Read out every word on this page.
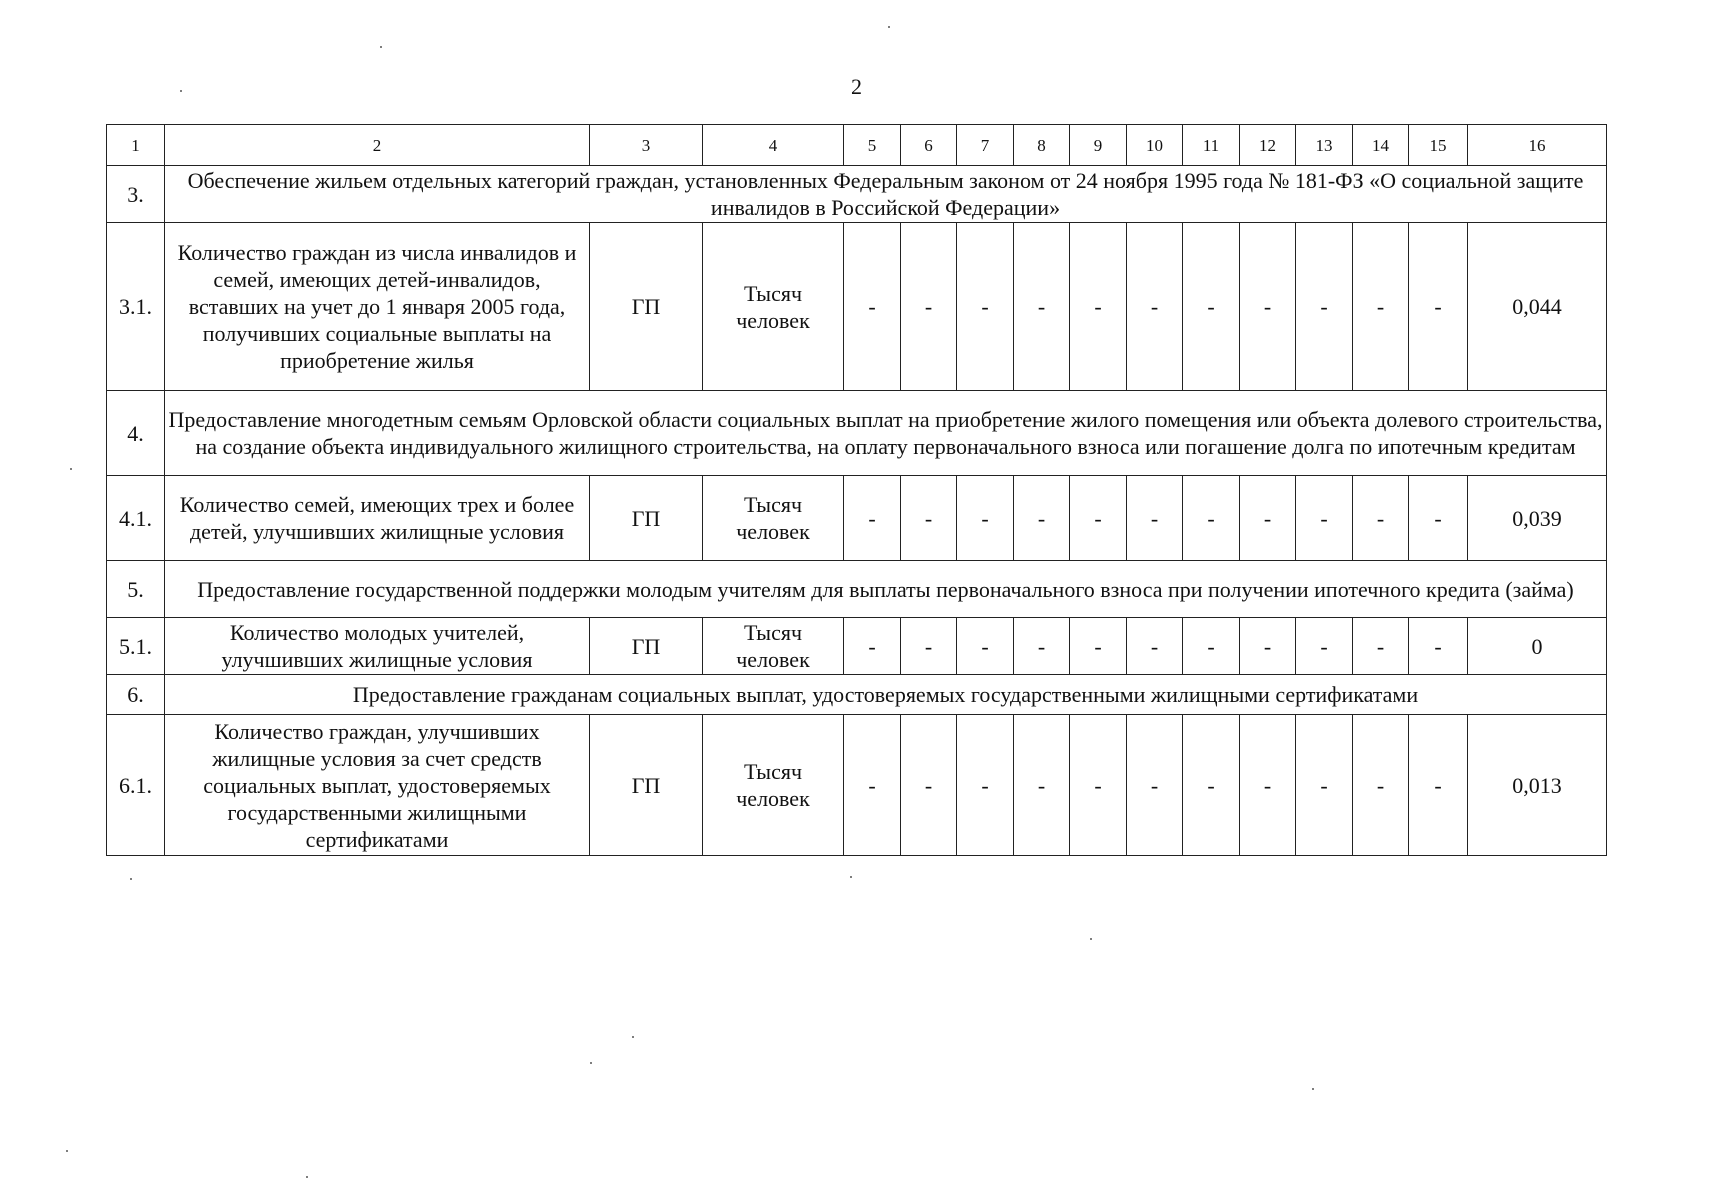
2
1	2	3	4	5	6	7	8	9	10	11	12	13	14	15	16
3.	Обеспечение жильем отдельных категорий граждан, установленных Федеральным законом от 24 ноября 1995 года № 181-ФЗ «О социальной защите инвалидов в Российской Федерации»														
3.1.	Количество граждан из числа инвалидов и семей, имеющих детей-инвалидов, вставших на учет до 1 января 2005 года, получивших социальные выплаты на приобретение жилья	ГП	Тысяч человек	-	-	-	-	-	-	-	-	-	-	-	0,044
4.	Предоставление многодетным семьям Орловской области социальных выплат на приобретение жилого помещения или объекта долевого строительства, на создание объекта индивидуального жилищного строительства, на оплату первоначального взноса или погашение долга по ипотечным кредитам														
4.1.	Количество семей, имеющих трех и более детей, улучшивших жилищные условия	ГП	Тысяч человек	-	-	-	-	-	-	-	-	-	-	-	0,039
5.	Предоставление государственной поддержки молодым учителям для выплаты первоначального взноса при получении ипотечного кредита (займа)														
5.1.	Количество молодых учителей, улучшивших жилищные условия	ГП	Тысяч человек	-	-	-	-	-	-	-	-	-	-	-	0
6.	Предоставление гражданам социальных выплат, удостоверяемых государственными жилищными сертификатами														
6.1.	Количество граждан, улучшивших жилищные условия за счет средств социальных выплат, удостоверяемых государственными жилищными сертификатами	ГП	Тысяч человек	-	-	-	-	-	-	-	-	-	-	-	0,013
